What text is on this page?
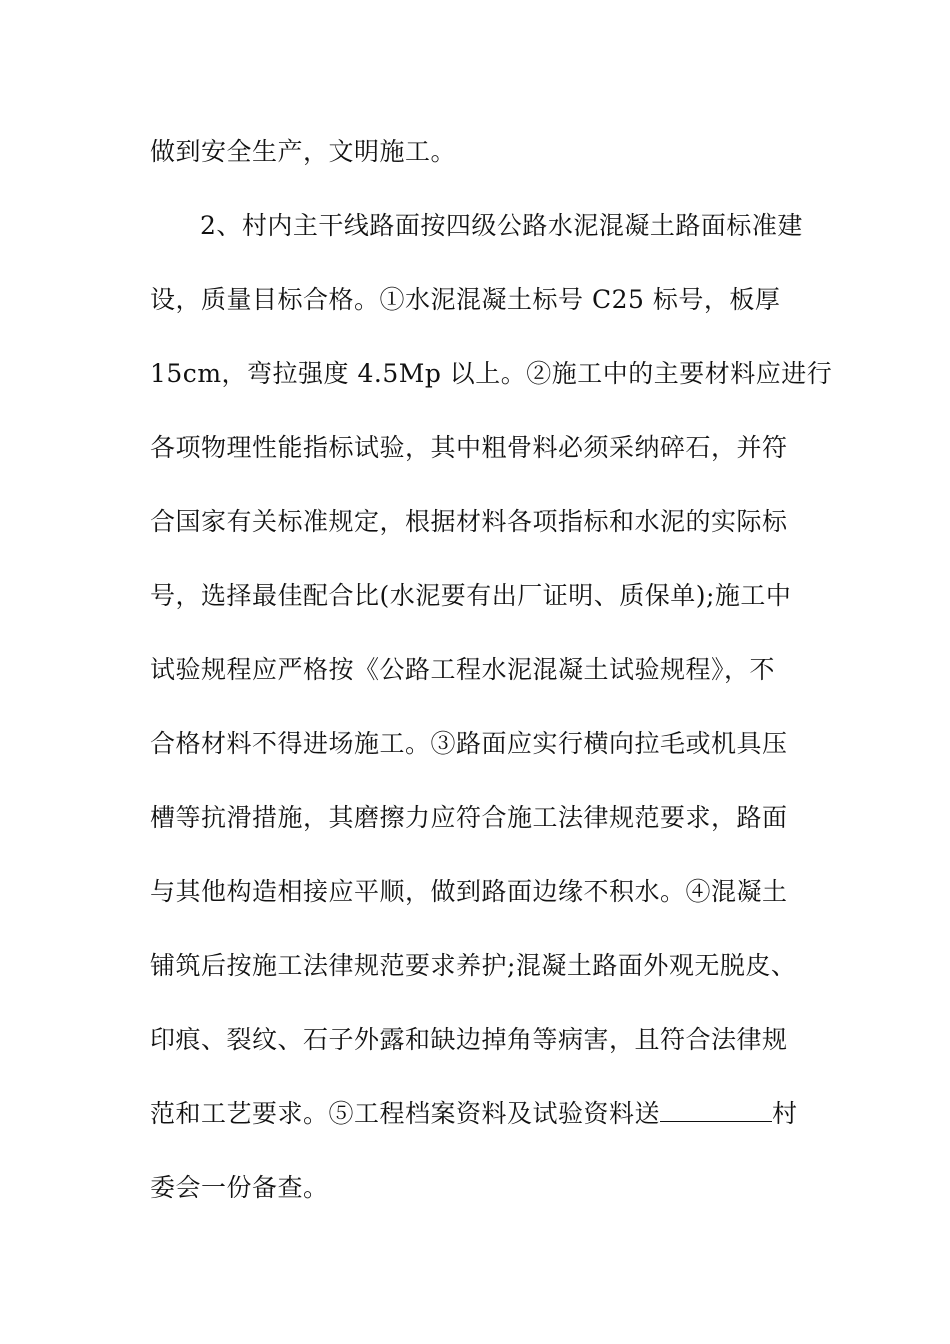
做到安全生产，文明施工。
2、村内主干线路面按四级公路水泥混凝土路面标准建
设，质量目标合格。①水泥混凝土标号 C25 标号，板厚
15cm，弯拉强度 4.5Mp 以上。②施工中的主要材料应进行
各项物理性能指标试验，其中粗骨料必须采纳碎石，并符
合国家有关标准规定，根据材料各项指标和水泥的实际标
号，选择最佳配合比(水泥要有出厂证明、质保单);施工中
试验规程应严格按《公路工程水泥混凝土试验规程》，不
合格材料不得进场施工。③路面应实行横向拉毛或机具压
槽等抗滑措施，其磨擦力应符合施工法律规范要求，路面
与其他构造相接应平顺，做到路面边缘不积水。④混凝土
铺筑后按施工法律规范要求养护;混凝土路面外观无脱皮、
印痕、裂纹、石子外露和缺边掉角等病害，且符合法律规
范和工艺要求。⑤工程档案资料及试验资料送	村
委会一份备查。
